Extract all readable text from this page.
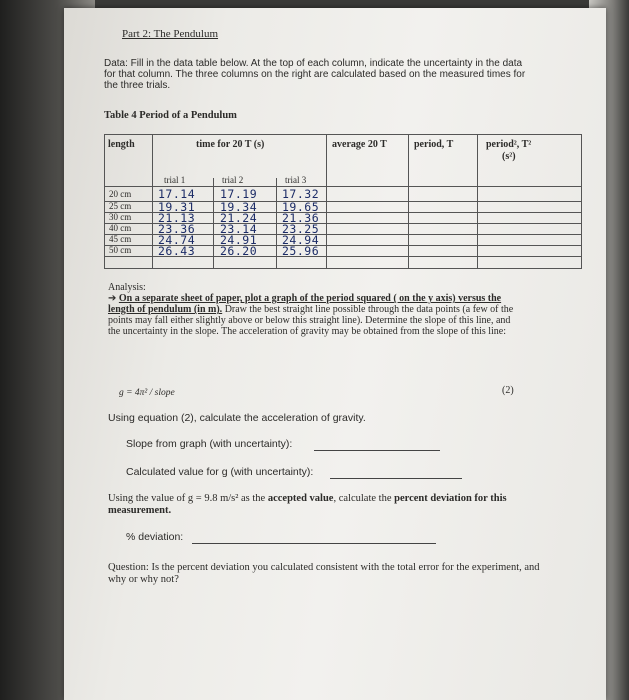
Part 2: The Pendulum
Data: Fill in the data table below. At the top of each column, indicate the uncertainty in the data for that column. The three columns on the right are calculated based on the measured times for the three trials.
Table 4 Period of a Pendulum
length	time for 20 T (s)	average 20 T	period, T	period², T²
(s²)
trial 1	trial 2	trial 3
20 cm 17.14 17.19 17.32
25 cm 19.31 19.34 19.65
30 cm 21.13 21.24 21.36
40 cm 23.36 23.14 23.25
45 cm 24.74 24.91 24.94
50 cm 26.43 26.20 25.96
Analysis:
➔ On a separate sheet of paper, plot a graph of the period squared ( on the y axis) versus the length of pendulum (in m). Draw the best straight line possible through the data points (a few of the points may fall either slightly above or below this straight line). Determine the slope of this line, and the uncertainty in the slope. The acceleration of gravity may be obtained from the slope of this line:
g = 4π² / slope	(2)
Using equation (2), calculate the acceleration of gravity.
Slope from graph (with uncertainty):
Calculated value for g (with uncertainty):
Using the value of g = 9.8 m/s² as the accepted value, calculate the percent deviation for this measurement.
% deviation:
Question: Is the percent deviation you calculated consistent with the total error for the experiment, and why or why not?
